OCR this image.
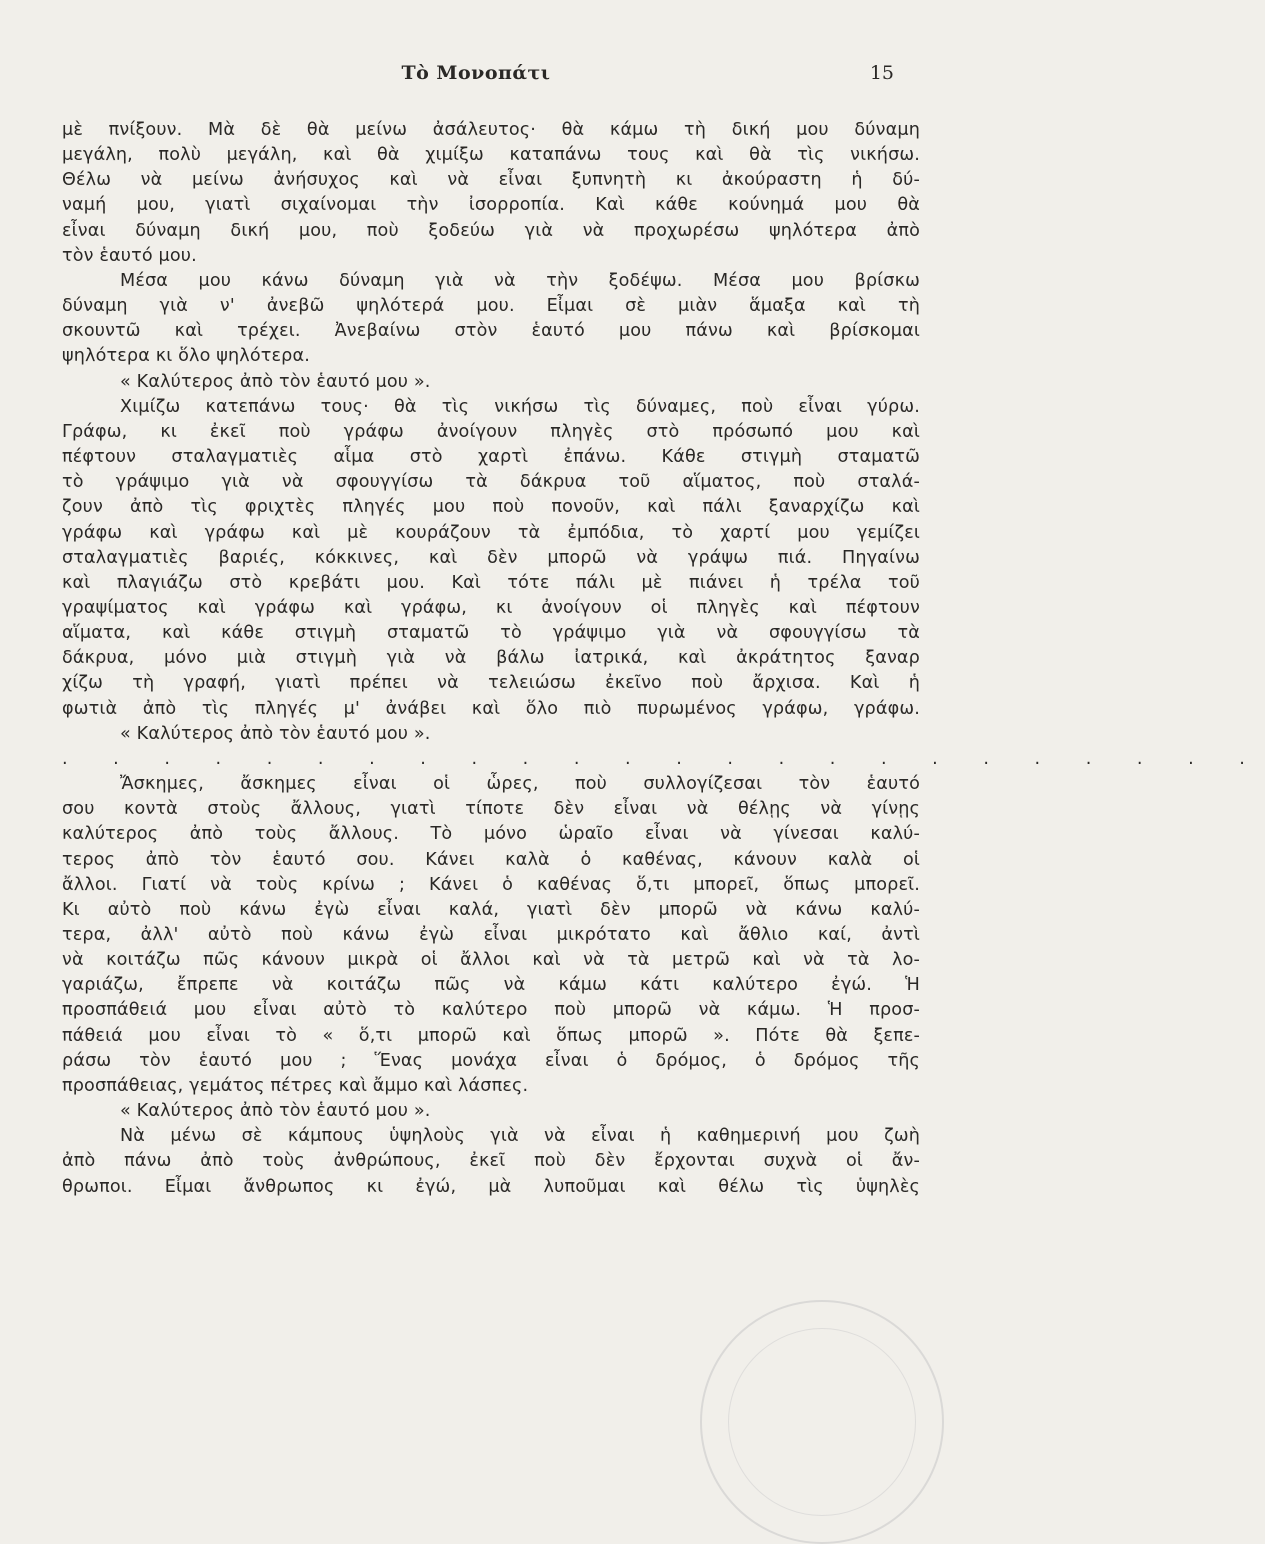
Τὸ Μονοπάτι	15

μὲ πνίξουν. Μὰ δὲ θὰ μείνω ἀσάλευτος· θὰ κάμω τὴ δική μου δύναμη

μεγάλη, πολὺ μεγάλη, καὶ θὰ χιμίξω καταπάνω τους καὶ θὰ τὶς νικήσω.

Θέλω νὰ μείνω ἀνήσυχος καὶ νὰ εἶναι ξυπνητὴ κι ἀκούραστη ἡ δύ-

ναμή μου, γιατὶ σιχαίνομαι τὴν ἰσορροπία. Καὶ κάθε κούνημά μου θὰ

εἶναι δύναμη δική μου, ποὺ ξοδεύω γιὰ νὰ προχωρέσω ψηλότερα ἀπὸ

τὸν ἑαυτό μου.

Μέσα μου κάνω δύναμη γιὰ νὰ τὴν ξοδέψω. Μέσα μου βρίσκω

δύναμη γιὰ ν' ἀνεβῶ ψηλότερά μου. Εἶμαι σὲ μιὰν ἅμαξα καὶ τὴ

σκουντῶ καὶ τρέχει. Ἀνεβαίνω στὸν ἑαυτό μου πάνω καὶ βρίσκομαι

ψηλότερα κι ὅλο ψηλότερα.

« Καλύτερος ἀπὸ τὸν ἑαυτό μου ».

Χιμίζω κατεπάνω τους· θὰ τὶς νικήσω τὶς δύναμες, ποὺ εἶναι γύρω.

Γράφω, κι ἐκεῖ ποὺ γράφω ἀνοίγουν πληγὲς στὸ πρόσωπό μου καὶ

πέφτουν σταλαγματιὲς αἷμα στὸ χαρτὶ ἐπάνω. Κάθε στιγμὴ σταματῶ

τὸ γράψιμο γιὰ νὰ σφουγγίσω τὰ δάκρυα τοῦ αἵματος, ποὺ σταλά-

ζουν ἀπὸ τὶς φριχτὲς πληγές μου ποὺ πονοῦν, καὶ πάλι ξαναρχίζω καὶ

γράφω καὶ γράφω καὶ μὲ κουράζουν τὰ ἐμπόδια, τὸ χαρτί μου γεμίζει

σταλαγματιὲς βαριές, κόκκινες, καὶ δὲν μπορῶ νὰ γράψω πιά. Πηγαίνω

καὶ πλαγιάζω στὸ κρεβάτι μου. Καὶ τότε πάλι μὲ πιάνει ἡ τρέλα τοῦ

γραψίματος καὶ γράφω καὶ γράφω, κι ἀνοίγουν οἱ πληγὲς καὶ πέφτουν

αἵματα, καὶ κάθε στιγμὴ σταματῶ τὸ γράψιμο γιὰ νὰ σφουγγίσω τὰ

δάκρυα, μόνο μιὰ στιγμὴ γιὰ νὰ βάλω ἰατρικά, καὶ ἀκράτητος ξαναρ

χίζω τὴ γραφή, γιατὶ πρέπει νὰ τελειώσω ἐκεῖνο ποὺ ἄρχισα. Καὶ ἡ

φωτιὰ ἀπὸ τὶς πληγές μ' ἀνάβει καὶ ὅλο πιὸ πυρωμένος γράφω, γράφω.

« Καλύτερος ἀπὸ τὸν ἑαυτό μου ».

. . . . . . . . . . . . . . . . . . . . . . . .

Ἄσκημες, ἄσκημες εἶναι οἱ ὧρες, ποὺ συλλογίζεσαι τὸν ἑαυτό

σου κοντὰ στοὺς ἄλλους, γιατὶ τίποτε δὲν εἶναι νὰ θέλῃς νὰ γίνῃς

καλύτερος ἀπὸ τοὺς ἄλλους. Τὸ μόνο ὡραῖο εἶναι νὰ γίνεσαι καλύ-

τερος ἀπὸ τὸν ἑαυτό σου. Κάνει καλὰ ὁ καθένας, κάνουν καλὰ οἱ

ἄλλοι. Γιατί νὰ τοὺς κρίνω ; Κάνει ὁ καθένας ὅ,τι μπορεῖ, ὅπως μπορεῖ.

Κι αὐτὸ ποὺ κάνω ἐγὼ εἶναι καλά, γιατὶ δὲν μπορῶ νὰ κάνω καλύ-

τερα, ἀλλ' αὐτὸ ποὺ κάνω ἐγὼ εἶναι μικρότατο καὶ ἄθλιο καί, ἀντὶ

νὰ κοιτάζω πῶς κάνουν μικρὰ οἱ ἄλλοι καὶ νὰ τὰ μετρῶ καὶ νὰ τὰ λο-

γαριάζω, ἔπρεπε νὰ κοιτάζω πῶς νὰ κάμω κάτι καλύτερο ἐγώ. Ἡ

προσπάθειά μου εἶναι αὐτὸ τὸ καλύτερο ποὺ μπορῶ νὰ κάμω. Ἡ προσ-

πάθειά μου εἶναι τὸ « ὅ,τι μπορῶ καὶ ὅπως μπορῶ ». Πότε θὰ ξεπε-

ράσω τὸν ἑαυτό μου ; Ἕνας μονάχα εἶναι ὁ δρόμος, ὁ δρόμος τῆς

προσπάθειας, γεμάτος πέτρες καὶ ἄμμο καὶ λάσπες.

« Καλύτερος ἀπὸ τὸν ἑαυτό μου ».

Νὰ μένω σὲ κάμπους ὑψηλοὺς γιὰ νὰ εἶναι ἡ καθημερινή μου ζωὴ

ἀπὸ πάνω ἀπὸ τοὺς ἀνθρώπους, ἐκεῖ ποὺ δὲν ἔρχονται συχνὰ οἱ ἄν-

θρωποι. Εἶμαι ἄνθρωπος κι ἐγώ, μὰ λυποῦμαι καὶ θέλω τὶς ὑψηλὲς
